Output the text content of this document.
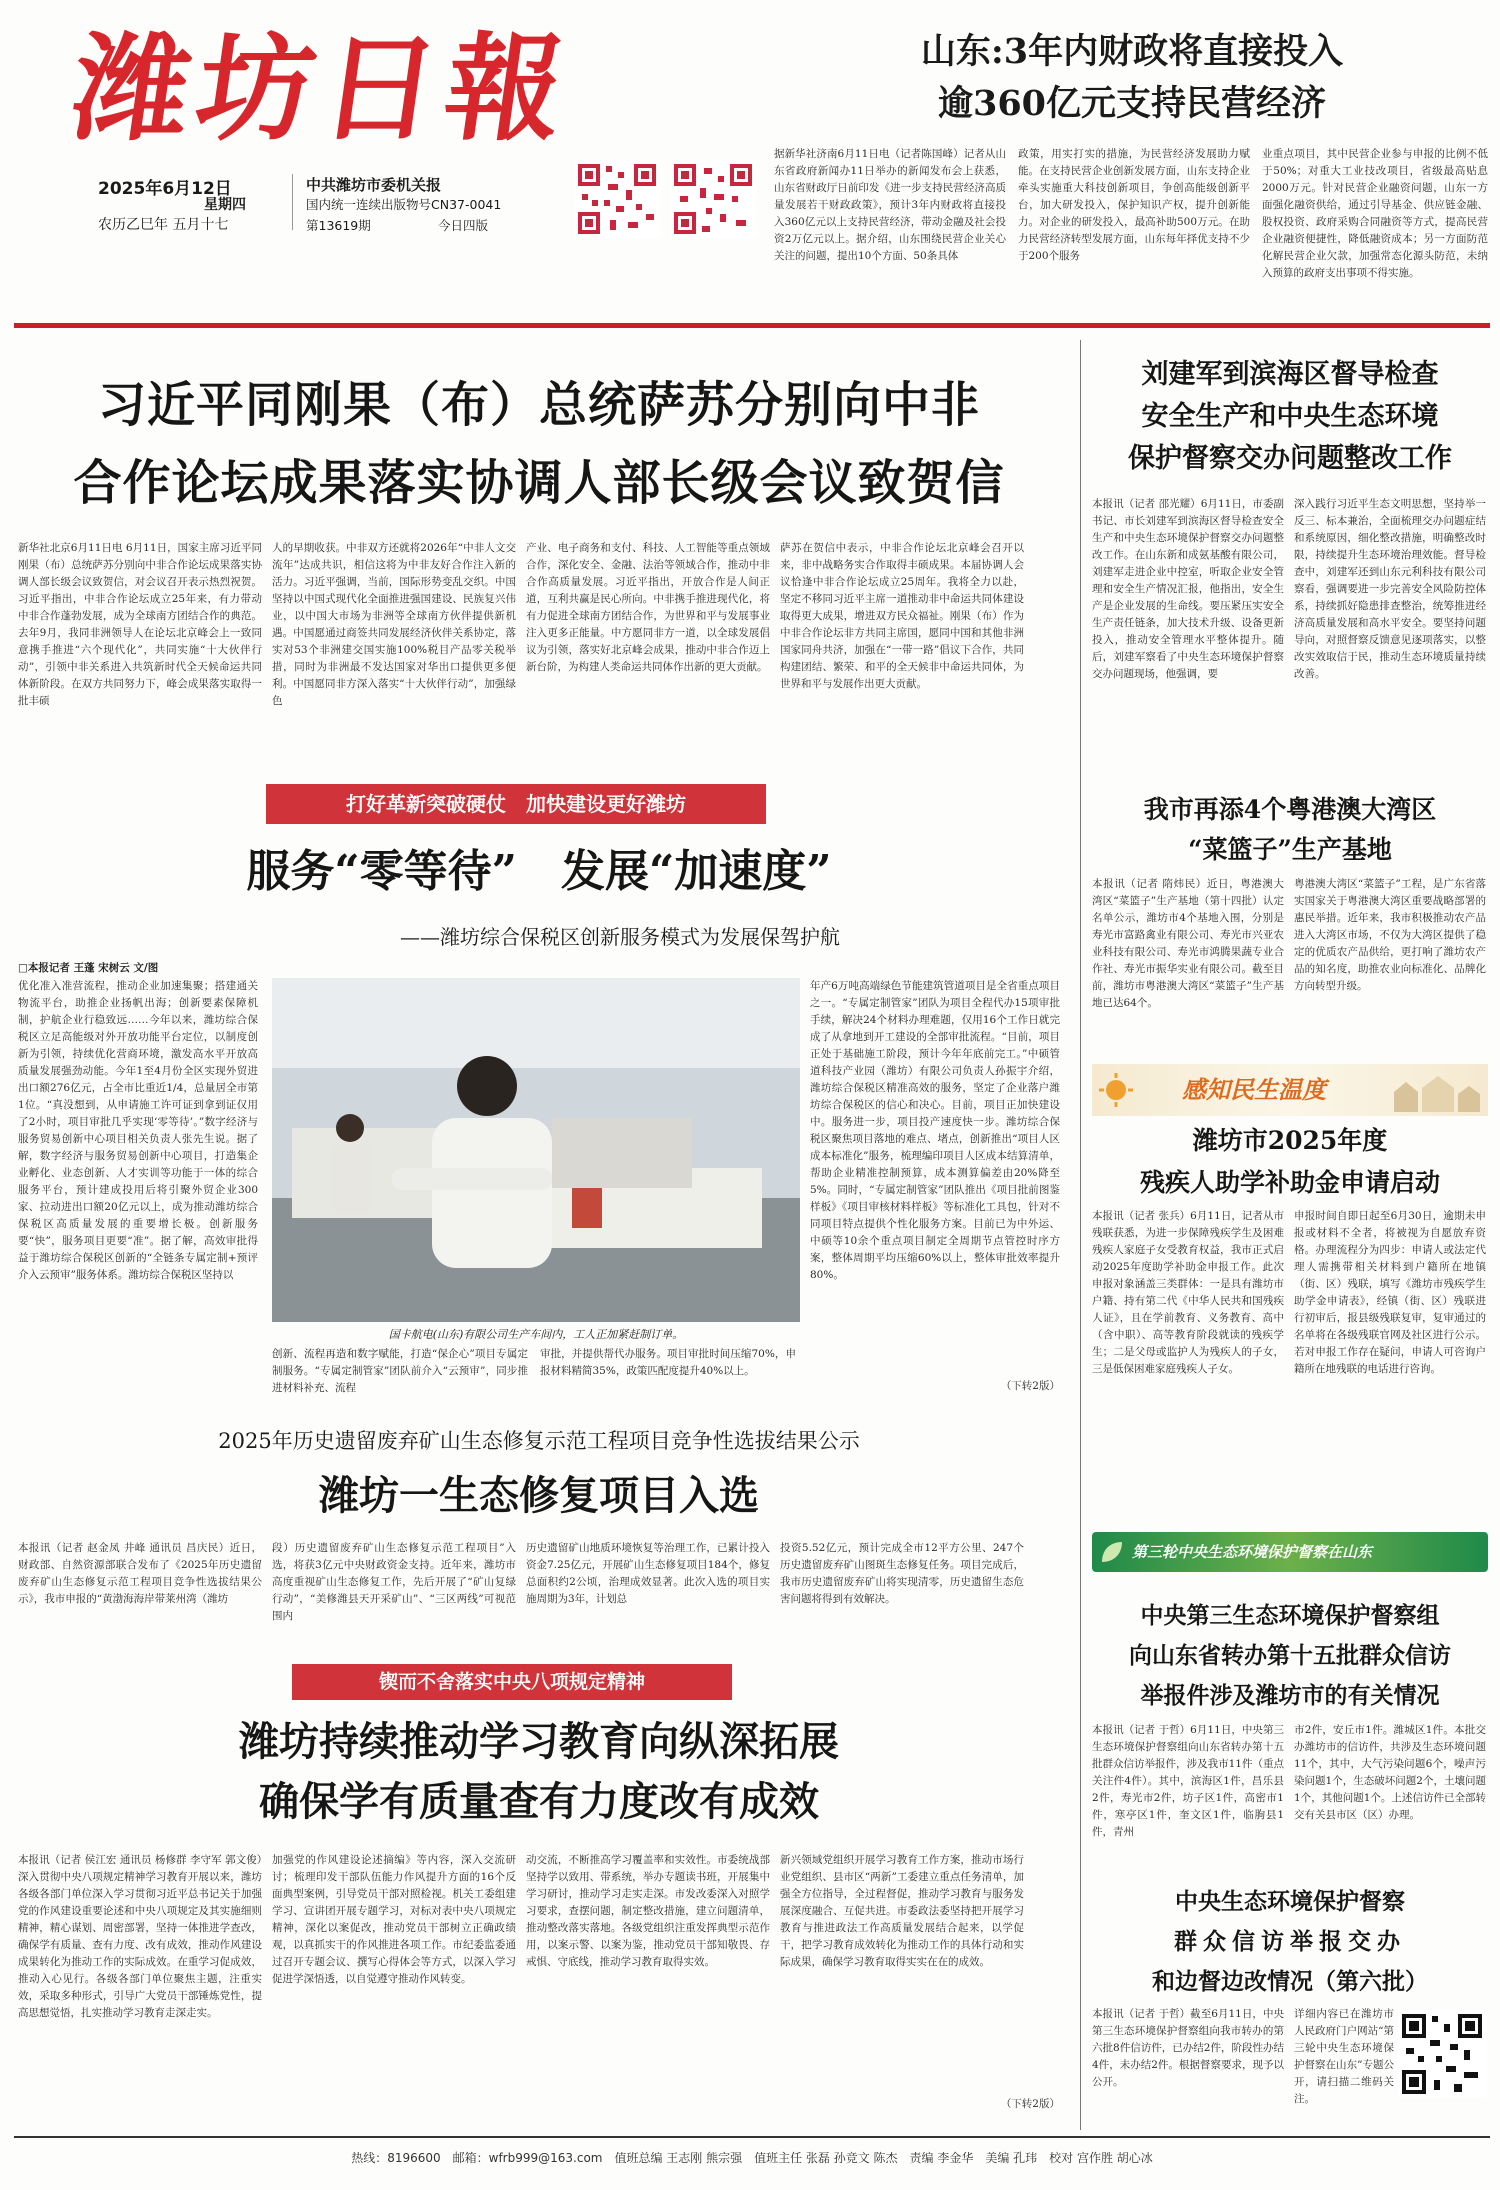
潍坊日報
2025年6月12日
星期四
农历乙巳年 五月十七
中共潍坊市委机关报
国内统一连续出版物号CN37-0041
第13619期	今日四版
山东:3年内财政将直接投入
逾360亿元支持民营经济
据新华社济南6月11日电（记者陈国峰）记者从山东省政府新闻办11日举办的新闻发布会上获悉，山东省财政厅日前印发《进一步支持民营经济高质量发展若干财政政策》，预计3年内财政将直接投入360亿元以上支持民营经济，带动金融及社会投资2万亿元以上。据介绍，山东围绕民营企业关心关注的问题，提出10个方面、50条具体
政策，用实打实的措施，为民营经济发展助力赋能。在支持民营企业创新发展方面，山东支持企业牵头实施重大科技创新项目，争创高能级创新平台，加大研发投入，保护知识产权，提升创新能力。对企业的研发投入，最高补助500万元。在助力民营经济转型发展方面，山东每年择优支持不少于200个服务
业重点项目，其中民营企业参与申报的比例不低于50%；对重大工业技改项目，省级最高贴息2000万元。针对民营企业融资问题，山东一方面强化融资供给，通过引导基金、供应链金融、股权投资、政府采购合同融资等方式，提高民营企业融资便捷性，降低融资成本；另一方面防范化解民营企业欠款，加强常态化源头防范，未纳入预算的政府支出事项不得实施。
习近平同刚果（布）总统萨苏分别向中非
合作论坛成果落实协调人部长级会议致贺信
新华社北京6月11日电 6月11日，国家主席习近平同刚果（布）总统萨苏分别向中非合作论坛成果落实协调人部长级会议致贺信，对会议召开表示热烈祝贺。习近平指出，中非合作论坛成立25年来，有力带动中非合作蓬勃发展，成为全球南方团结合作的典范。去年9月，我同非洲领导人在论坛北京峰会上一致同意携手推进“六个现代化”，共同实施“十大伙伴行动”，引领中非关系进入共筑新时代全天候命运共同体新阶段。在双方共同努力下，峰会成果落实取得一批丰硕
人的早期收获。中非双方还就将2026年“中非人文交流年”达成共识，相信这将为中非友好合作注入新的活力。习近平强调，当前，国际形势变乱交织。中国坚持以中国式现代化全面推进强国建设、民族复兴伟业，以中国大市场为非洲等全球南方伙伴提供新机遇。中国愿通过商签共同发展经济伙伴关系协定，落实对53个非洲建交国实施100%税目产品零关税举措，同时为非洲最不发达国家对华出口提供更多便利。中国愿同非方深入落实“十大伙伴行动”，加强绿色
产业、电子商务和支付、科技、人工智能等重点领域合作，深化安全、金融、法治等领域合作，推动中非合作高质量发展。习近平指出，开放合作是人间正道，互利共赢是民心所向。中非携手推进现代化，将有力促进全球南方团结合作，为世界和平与发展事业注入更多正能量。中方愿同非方一道，以全球发展倡议为引领，落实好北京峰会成果，推动中非合作迈上新台阶，为构建人类命运共同体作出新的更大贡献。
萨苏在贺信中表示，中非合作论坛北京峰会召开以来，非中战略务实合作取得丰硕成果。本届协调人会议恰逢中非合作论坛成立25周年。我将全力以赴，坚定不移同习近平主席一道推动非中命运共同体建设取得更大成果，增进双方民众福祉。刚果（布）作为中非合作论坛非方共同主席国，愿同中国和其他非洲国家同舟共济，加强在“一带一路”倡议下合作，共同构建团结、繁荣、和平的全天候非中命运共同体，为世界和平与发展作出更大贡献。
打好革新突破硬仗　加快建设更好潍坊
服务“零等待”　发展“加速度”
——潍坊综合保税区创新服务模式为发展保驾护航
□本报记者 王蓬 宋树云 文/图
优化准入准营流程，推动企业加速集聚；搭建通关物流平台，助推企业扬帆出海；创新要素保障机制，护航企业行稳致远……今年以来，潍坊综合保税区立足高能级对外开放功能平台定位，以制度创新为引领，持续优化营商环境，激发高水平开放高质量发展强劲动能。今年1至4月份全区实现外贸进出口额276亿元，占全市比重近1/4，总量居全市第1位。“真没想到，从申请施工许可证到拿到证仅用了2小时，项目审批几乎实现‘零等待’。”数字经济与服务贸易创新中心项目相关负责人张先生说。据了解，数字经济与服务贸易创新中心项目，打造集企业孵化、业态创新、人才实训等功能于一体的综合服务平台，预计建成投用后将引聚外贸企业300家、拉动进出口额20亿元以上，成为推动潍坊综合保税区高质量发展的重要增长极。创新服务要“快”，服务项目更要“准”。据了解，高效审批得益于潍坊综合保税区创新的“全链条专属定制+预评介入云预审”服务体系。潍坊综合保税区坚持以
国卡航电(山东)有限公司生产车间内，工人正加紧赶制订单。
创新、流程再造和数字赋能，打造“保企心”项目专属定制服务。“专属定制管家”团队前介入“云预审”，同步推进材料补充、流程
审批，并提供帮代办服务。项目审批时间压缩70%，申报材料精简35%，政策匹配度提升40%以上。
年产6万吨高端绿色节能建筑管道项目是全省重点项目之一。“专属定制管家”团队为项目全程代办15项审批手续，解决24个材料办理难题，仅用16个工作日就完成了从拿地到开工建设的全部审批流程。“目前，项目正处于基础施工阶段，预计今年年底前完工。”中硕管道科技产业园（潍坊）有限公司负责人孙振宇介绍，潍坊综合保税区精准高效的服务，坚定了企业落户潍坊综合保税区的信心和决心。目前，项目正加快建设中。服务进一步，项目投产速度快一步。潍坊综合保税区聚焦项目落地的难点、堵点，创新推出“项目人区成本标准化”服务，梳理编印项目人区成本结算清单，帮助企业精准控制预算，成本测算偏差由20%降至5%。同时，“专属定制管家”团队推出《项目批前图鉴样板》《项目审核材料样板》等标准化工具包，针对不同项目特点提供个性化服务方案。目前已为中外运、中硕等10余个重点项目制定全周期节点管控时序方案，整体周期平均压缩60%以上，整体审批效率提升80%。
（下转2版）
2025年历史遗留废弃矿山生态修复示范工程项目竞争性选拔结果公示
潍坊一生态修复项目入选
本报讯（记者 赵金凤 井峰 通讯员 昌庆民）近日，财政部、自然资源部联合发布了《2025年历史遗留废弃矿山生态修复示范工程项目竞争性选拔结果公示》，我市申报的“黄渤海海岸带莱州湾（潍坊
段）历史遗留废弃矿山生态修复示范工程项目”入选，将获3亿元中央财政资金支持。近年来，潍坊市高度重视矿山生态修复工作，先后开展了“矿山复绿行动”，“美修潍县天开采矿山”、“三区两线”可视范围内
历史遗留矿山地质环境恢复等治理工作，已累计投入资金7.25亿元，开展矿山生态修复项目184个，修复总面积约2公顷，治理成效显著。此次入选的项目实施周期为3年，计划总
投资5.52亿元，预计完成全市12平方公里、247个历史遗留废弃矿山图斑生态修复任务。项目完成后，我市历史遗留废弃矿山将实现清零，历史遗留生态危害问题将得到有效解决。
锲而不舍落实中央八项规定精神
潍坊持续推动学习教育向纵深拓展
确保学有质量查有力度改有成效
本报讯（记者 侯江宏 通讯员 杨修群 李守军 郭文俊）深入贯彻中央八项规定精神学习教育开展以来，潍坊各级各部门单位深入学习贯彻习近平总书记关于加强党的作风建设重要论述和中央八项规定及其实施细则精神，精心谋划、周密部署，坚持一体推进学查改，确保学有质量、查有力度、改有成效，推动作风建设成果转化为推动工作的实际成效。在重学习促成效，推动入心见行。各级各部门单位聚焦主题，注重实效，采取多种形式，引导广大党员干部锤炼党性，提高思想觉悟，扎实推动学习教育走深走实。
加强党的作风建设论述摘编》等内容，深入交流研讨；梳理印发干部队伍能力作风提升方面的16个反面典型案例，引导党员干部对照检视。机关工委组建学习、宣讲团开展专题学习，对标对表中央八项规定精神，深化以案促改，推动党员干部树立正确政绩观，以真抓实干的作风推进各项工作。市纪委监委通过召开专题会议、撰写心得体会等方式，以深入学习促进学深悟透，以自觉遵守推动作风转变。
动交流，不断推高学习覆盖率和实效性。市委统战部坚持学以致用、带系统，举办专题读书班，开展集中学习研讨，推动学习走实走深。市发改委深入对照学习要求，查摆问题，制定整改措施，建立问题清单，推动整改落实落地。各级党组织注重发挥典型示范作用，以案示警、以案为鉴，推动党员干部知敬畏、存戒惧、守底线，推动学习教育取得实效。
新兴领域党组织开展学习教育工作方案，推动市场行业党组织、县市区“两新”工委建立重点任务清单，加强全方位指导，全过程督促，推动学习教育与服务发展深度融合、互促共进。市委政法委坚持把开展学习教育与推进政法工作高质量发展结合起来，以学促干，把学习教育成效转化为推动工作的具体行动和实际成果，确保学习教育取得实实在在的成效。
（下转2版）
刘建军到滨海区督导检查
安全生产和中央生态环境
保护督察交办问题整改工作
本报讯（记者 邵光耀）6月11日，市委副书记、市长刘建军到滨海区督导检查安全生产和中央生态环境保护督察交办问题整改工作。在山东新和成氨基酸有限公司，刘建军走进企业中控室，听取企业安全管理和安全生产情况汇报，他指出，安全生产是企业发展的生命线。要压紧压实安全生产责任链条，加大技术升级、设备更新投入，推动安全管理水平整体提升。随后，刘建军察看了中央生态环境保护督察交办问题现场，他强调，要
深入践行习近平生态文明思想，坚持举一反三、标本兼治，全面梳理交办问题症结和系统原因，细化整改措施，明确整改时限，持续提升生态环境治理效能。督导检查中，刘建军还到山东元利科技有限公司察看，强调要进一步完善安全风险防控体系，持续抓好隐患排查整治，统筹推进经济高质量发展和高水平安全。要坚持问题导向，对照督察反馈意见逐项落实，以整改实效取信于民，推动生态环境质量持续改善。
我市再添4个粤港澳大湾区
“菜篮子”生产基地
本报讯（记者 隋炜民）近日，粤港澳大湾区“菜篮子”生产基地（第十四批）认定名单公示，潍坊市4个基地入围，分别是寿光市富路禽业有限公司、寿光市兴亚农业科技有限公司、寿光市鸿腾果蔬专业合作社、寿光市振华实业有限公司。截至目前，潍坊市粤港澳大湾区“菜篮子”生产基地已达64个。
粤港澳大湾区“菜篮子”工程，是广东省落实国家关于粤港澳大湾区重要战略部署的惠民举措。近年来，我市积极推动农产品进入大湾区市场，不仅为大湾区提供了稳定的优质农产品供给，更打响了潍坊农产品的知名度，助推农业向标准化、品牌化方向转型升级。
感知民生温度
潍坊市2025年度
残疾人助学补助金申请启动
本报讯（记者 张兵）6月11日，记者从市残联获悉，为进一步保障残疾学生及困难残疾人家庭子女受教育权益，我市正式启动2025年度助学补助金申报工作。此次申报对象涵盖三类群体：一是具有潍坊市户籍、持有第二代《中华人民共和国残疾人证》，且在学前教育、义务教育、高中（含中职）、高等教育阶段就读的残疾学生；二是父母或监护人为残疾人的子女，三是低保困难家庭残疾人子女。
申报时间自即日起至6月30日，逾期未申报或材料不全者，将被视为自愿放弃资格。办理流程分为四步：申请人或法定代理人需携带相关材料到户籍所在地镇（街、区）残联，填写《潍坊市残疾学生助学金申请表》，经镇（街、区）残联进行初审后，报县级残联复审，复审通过的名单将在各级残联官网及社区进行公示。若对申报工作存在疑问，申请人可咨询户籍所在地残联的电话进行咨询。
第三轮中央生态环境保护督察在山东
中央第三生态环境保护督察组
向山东省转办第十五批群众信访
举报件涉及潍坊市的有关情况
本报讯（记者 于哲）6月11日，中央第三生态环境保护督察组向山东省转办第十五批群众信访举报件，涉及我市11件（重点关注件4件）。其中，滨海区1件，昌乐县2件，寿光市2件，坊子区1件，高密市1件，寒亭区1件，奎文区1件，临朐县1件，青州
市2件，安丘市1件。潍城区1件。本批交办潍坊市的信访件，共涉及生态环境问题11个，其中，大气污染问题6个，噪声污染问题1个，生态破坏问题2个，土壤问题1个，其他问题1个。上述信访件已全部转交有关县市区（区）办理。
中央生态环境保护督察
群众信访举报交办
和边督边改情况（第六批）
本报讯（记者 于哲）截至6月11日，中央第三生态环境保护督察组向我市转办的第六批8件信访件，已办结2件，阶段性办结4件，未办结2件。根据督察要求，现予以公开。
详细内容已在潍坊市人民政府门户网站“第三轮中央生态环境保护督察在山东”专题公开，请扫描二维码关注。
热线：8196600　邮箱：wfrb999@163.com　值班总编 王志刚 熊宗强　值班主任 张磊 孙竞文 陈杰　责编 李金华　美编 孔玮　校对 宫作胜 胡心冰
